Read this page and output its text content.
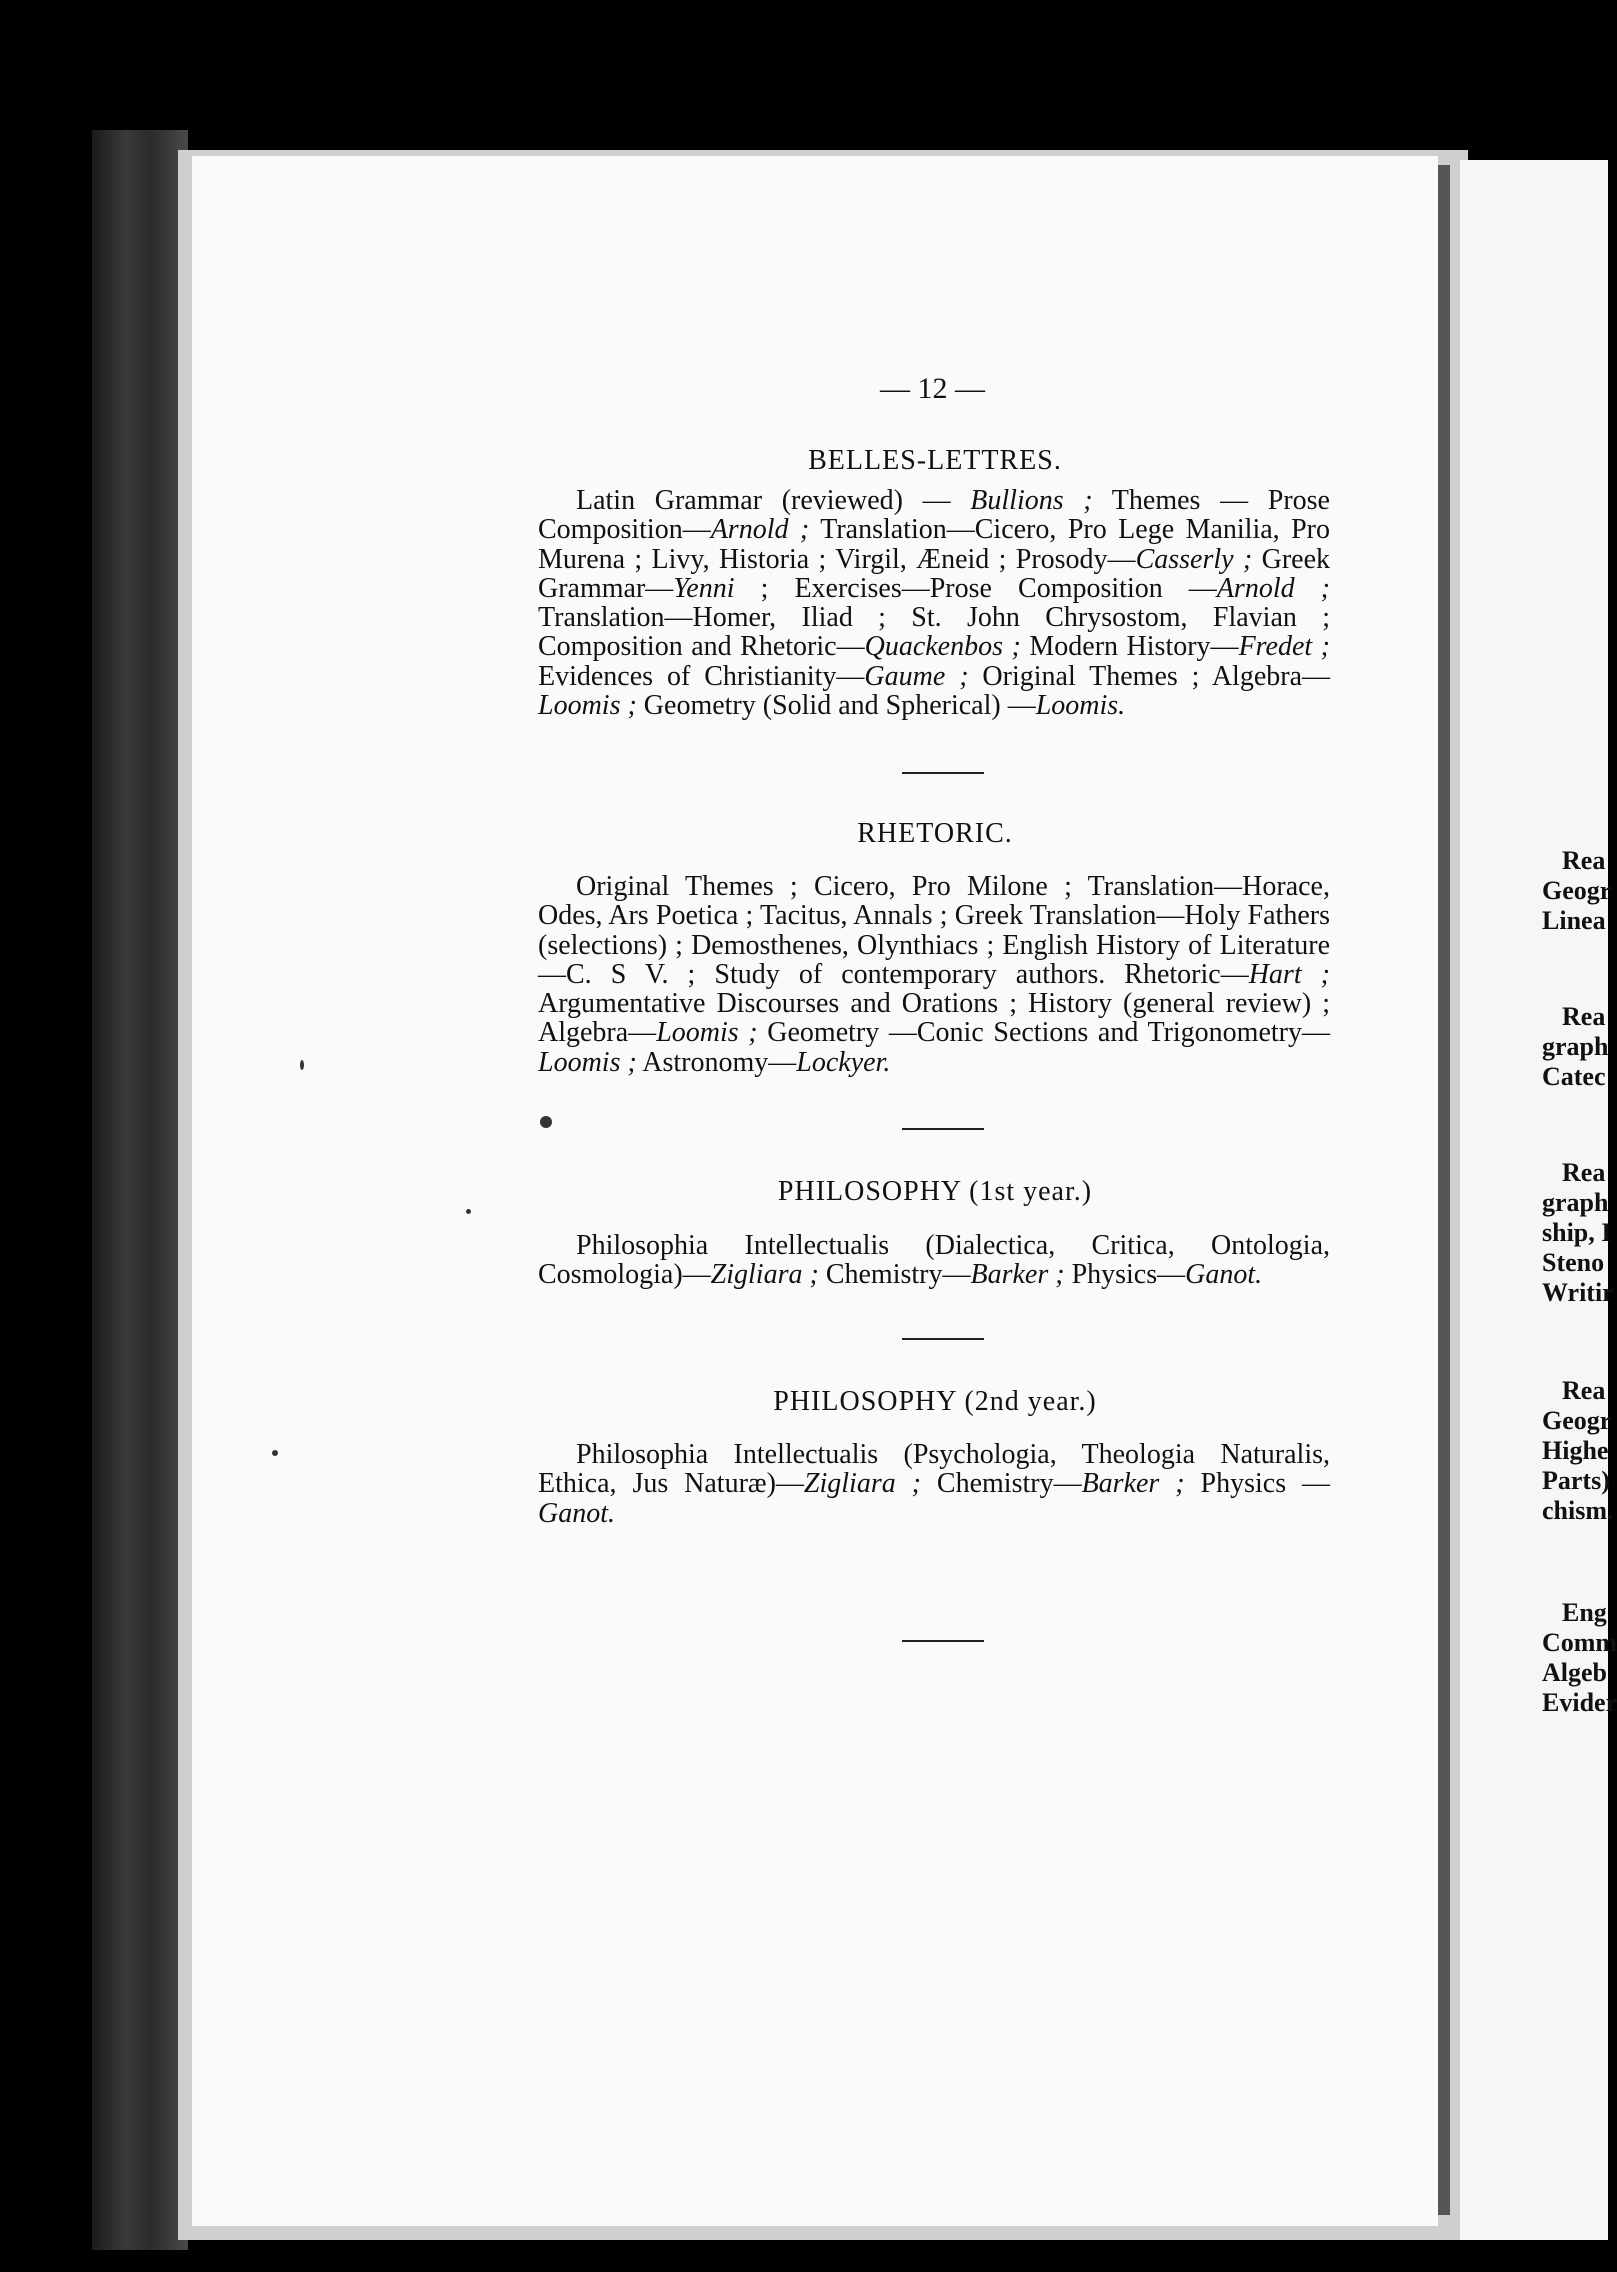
— 12 —
BELLES-LETTRES.
Latin Grammar (reviewed) — Bullions ; Themes — Prose Composition—Arnold ; Translation—Cicero, Pro Lege Manilia, Pro Murena ; Livy, Historia ; Virgil, Æneid ; Prosody—Casserly ; Greek Grammar—Yenni ; Exercises—Prose Composition —Arnold ; Translation—Homer, Iliad ; St. John Chrysostom, Flavian ; Composition and Rhetoric—Quackenbos ; Modern History—Fredet ; Evidences of Christianity—Gaume ; Original Themes ; Algebra—Loomis ; Geometry (Solid and Spherical) —Loomis.
RHETORIC.
Original Themes ; Cicero, Pro Milone ; Translation—Horace, Odes, Ars Poetica ; Tacitus, Annals ; Greek Translation—Holy Fathers (selections) ; Demosthenes, Olynthiacs ; English History of Literature—C. S V. ; Study of contemporary authors. Rhetoric—Hart ; Argumentative Discourses and Orations ; History (general review) ; Algebra—Loomis ; Geometry —Conic Sections and Trigonometry—Loomis ; Astronomy—Lockyer.
PHILOSOPHY (1st year.)
Philosophia Intellectualis (Dialectica, Critica, Ontologia, Cosmologia)—Zigliara ; Chemistry—Barker ; Physics—Ganot.
PHILOSOPHY (2nd year.)
Philosophia Intellectualis (Psychologia, Theologia Naturalis, Ethica, Jus Naturæ)—Zigliara ; Chemistry—Barker ; Physics —Ganot.
Rea
Geogr
Linea
Rea
graph
Catec
Rea
graph
ship, I
Steno
Writir
Rea
Geogr
Highe
Parts)
chism.
Eng
Comm
Algeb
Evider
